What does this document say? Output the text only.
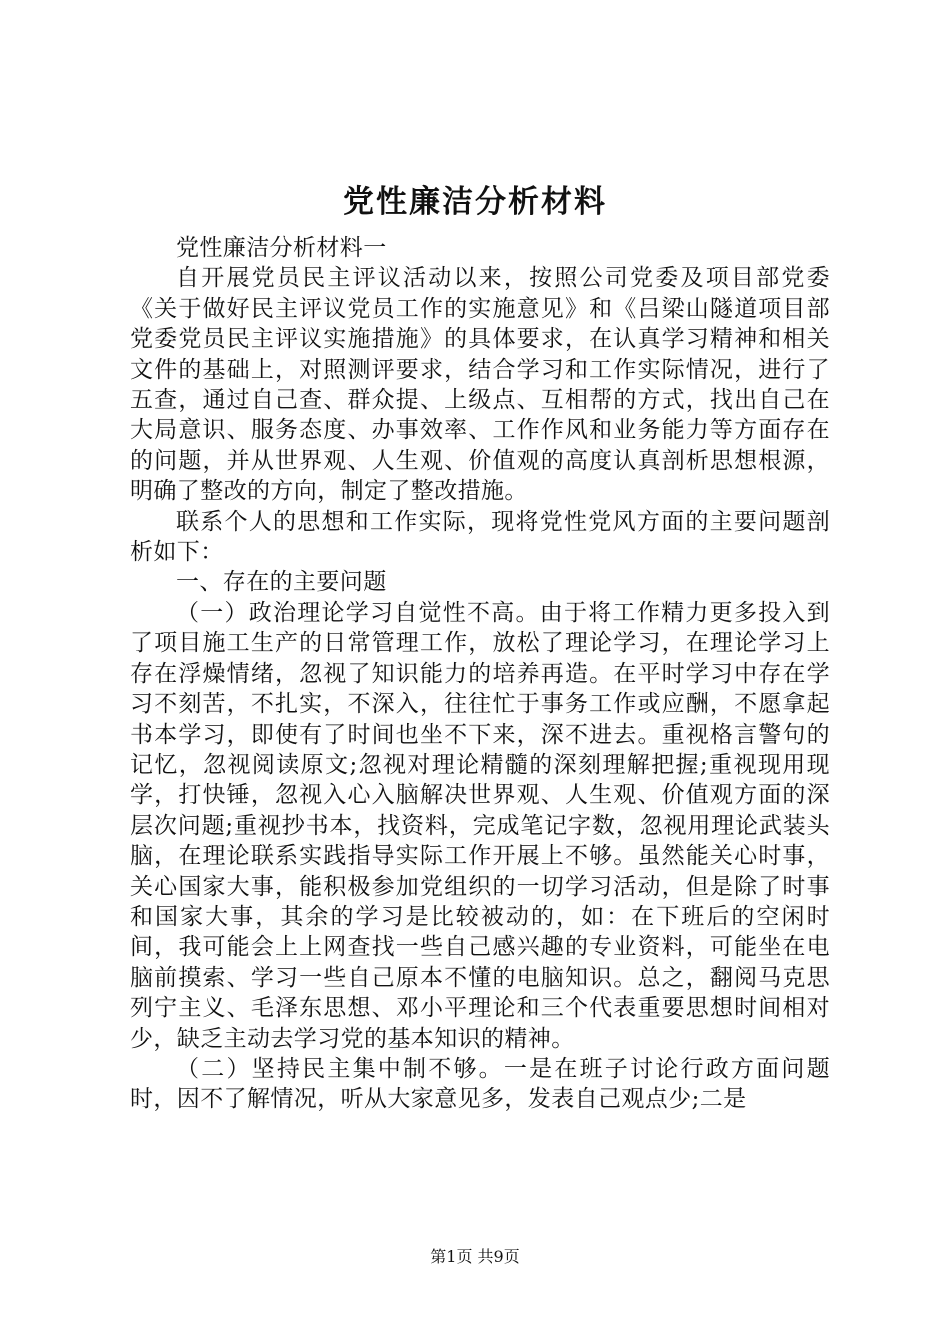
党性廉洁分析材料

党性廉洁分析材料一

自开展党员民主评议活动以来，按照公司党委及项目部党委《关于做好民主评议党员工作的实施意见》和《吕梁山隧道项目部党委党员民主评议实施措施》的具体要求，在认真学习精神和相关文件的基础上，对照测评要求，结合学习和工作实际情况，进行了五查，通过自己查、群众提、上级点、互相帮的方式，找出自己在大局意识、服务态度、办事效率、工作作风和业务能力等方面存在的问题，并从世界观、人生观、价值观的高度认真剖析思想根源，明确了整改的方向，制定了整改措施。

联系个人的思想和工作实际，现将党性党风方面的主要问题剖析如下：

一、存在的主要问题

（一）政治理论学习自觉性不高。由于将工作精力更多投入到了项目施工生产的日常管理工作，放松了理论学习，在理论学习上存在浮燥情绪，忽视了知识能力的培养再造。在平时学习中存在学习不刻苦，不扎实，不深入，往往忙于事务工作或应酬，不愿拿起书本学习，即使有了时间也坐不下来，深不进去。重视格言警句的记忆，忽视阅读原文;忽视对理论精髓的深刻理解把握;重视现用现学，打快锤，忽视入心入脑解决世界观、人生观、价值观方面的深层次问题;重视抄书本，找资料，完成笔记字数，忽视用理论武装头脑，在理论联系实践指导实际工作开展上不够。虽然能关心时事，关心国家大事，能积极参加党组织的一切学习活动，但是除了时事和国家大事，其余的学习是比较被动的，如：在下班后的空闲时间，我可能会上上网查找一些自己感兴趣的专业资料，可能坐在电脑前摸索、学习一些自己原本不懂的电脑知识。总之，翻阅马克思列宁主义、毛泽东思想、邓小平理论和三个代表重要思想时间相对少，缺乏主动去学习党的基本知识的精神。

（二）坚持民主集中制不够。一是在班子讨论行政方面问题时，因不了解情况，听从大家意见多，发表自己观点少;二是

第1页 共9页
